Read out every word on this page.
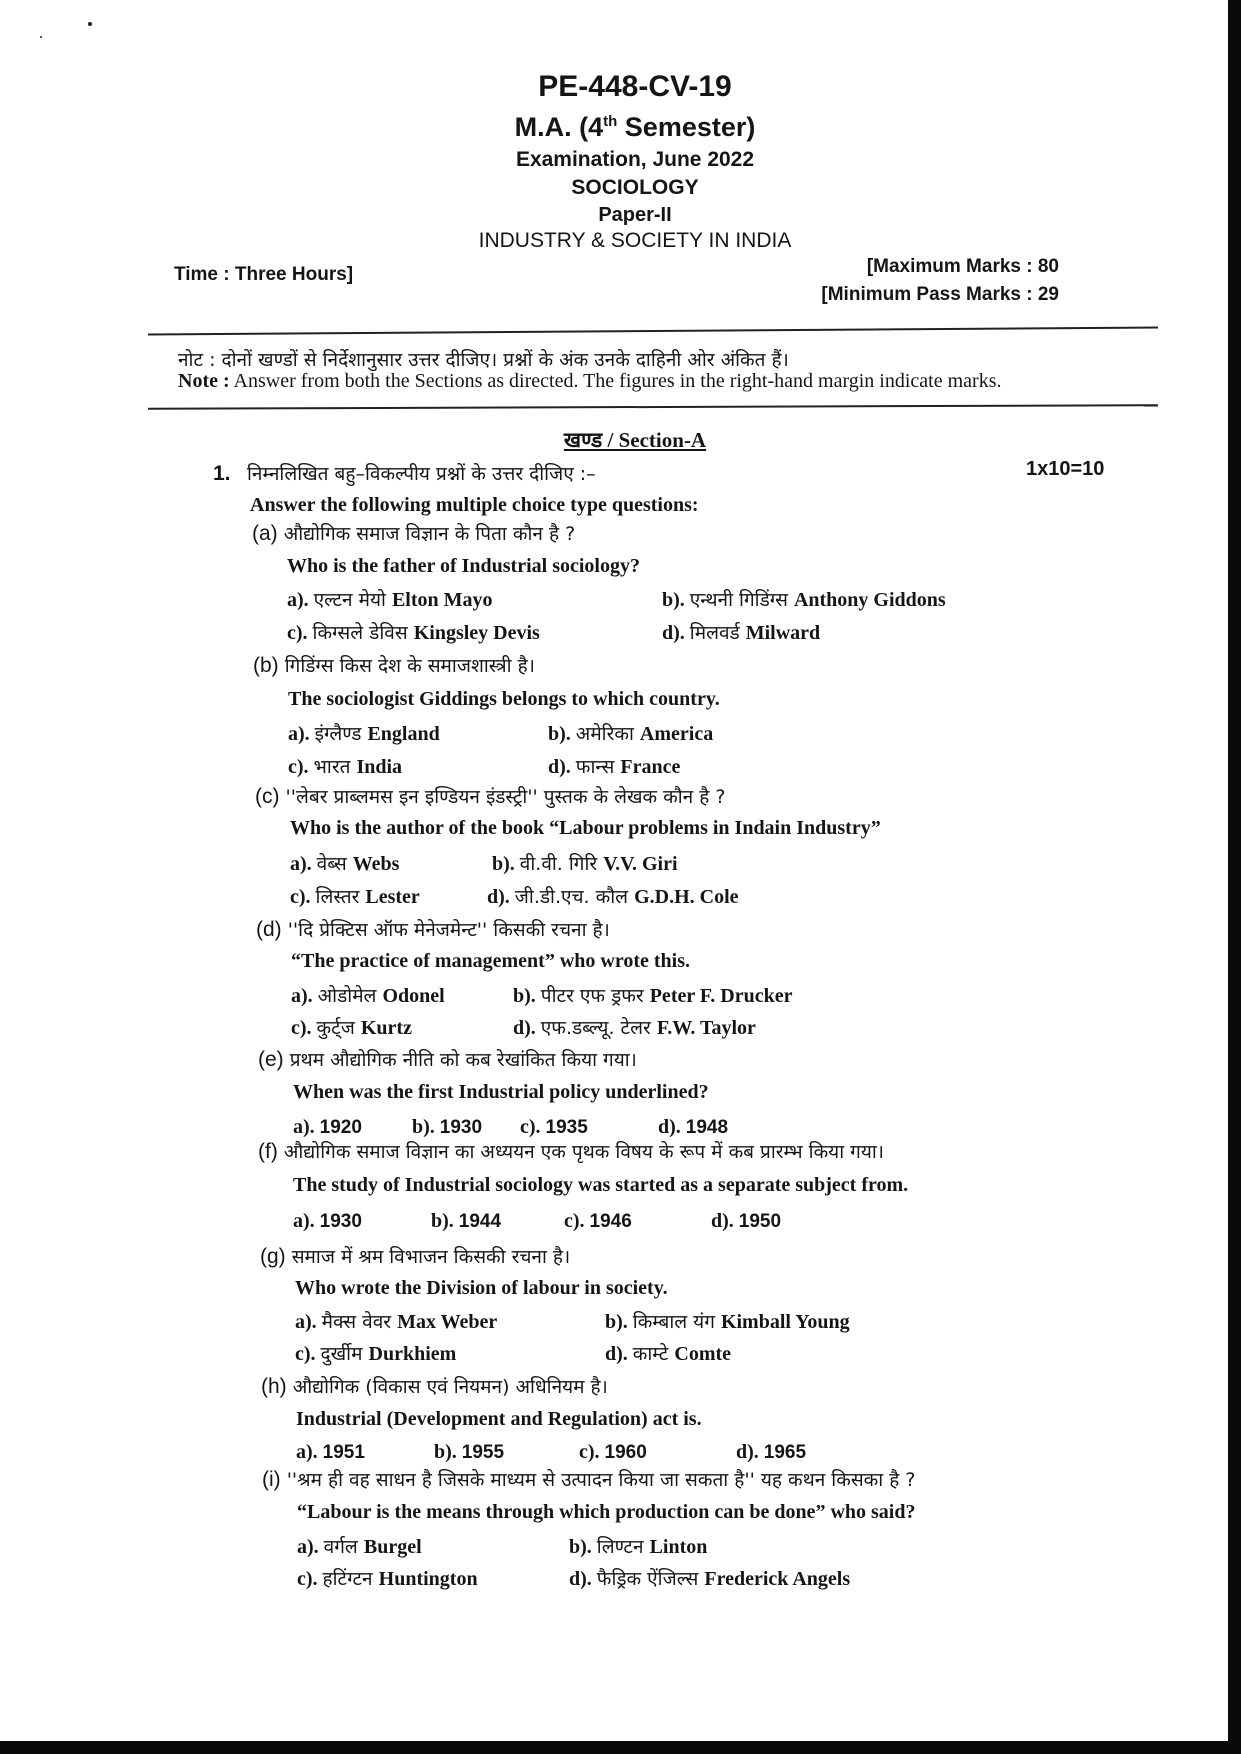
PE-448-CV-19
M.A. (4th Semester)
Examination, June 2022
SOCIOLOGY
Paper-II
INDUSTRY & SOCIETY IN INDIA
Time : Three Hours]	[Maximum Marks : 80
[Minimum Pass Marks : 29
नोट : दोनों खण्डों से निर्देशानुसार उत्तर दीजिए। प्रश्नों के अंक उनके दाहिनी ओर अंकित हैं।
Note : Answer from both the Sections as directed. The figures in the right-hand margin indicate marks.
खण्ड / Section-A
1. निम्नलिखित बहु–विकल्पीय प्रश्नों के उत्तर दीजिए :–	1x10=10
Answer the following multiple choice type questions:
(a) औद्योगिक समाज विज्ञान के पिता कौन है ?
Who is the father of Industrial sociology?
a). एल्टन मेयो Elton Mayo	b). एन्थनी गिडिंग्स Anthony Giddons
c). किग्सले डेविस Kingsley Devis	d). मिलवर्ड Milward
(b) गिडिंग्स किस देश के समाजशास्त्री है।
The sociologist Giddings belongs to which country.
a). इंग्लैण्ड England	b). अमेरिका America
c). भारत India	d). फान्स France
(c) ''लेबर प्राब्लमस इन इण्डियन इंडस्ट्री'' पुस्तक के लेखक कौन है ?
Who is the author of the book “Labour problems in Indain Industry”
a). वेब्स Webs	b). वी.वी. गिरि V.V. Giri
c). लिस्तर Lester	d). जी.डी.एच. कौल G.D.H. Cole
(d) ''दि प्रेक्टिस ऑफ मेनेजमेन्ट'' किसकी रचना है।
“The practice of management” who wrote this.
a). ओडोमेल Odonel	b). पीटर एफ ड्रफर Peter F. Drucker
c). कुर्ट्ज Kurtz	d). एफ.डब्ल्यू. टेलर F.W. Taylor
(e) प्रथम औद्योगिक नीति को कब रेखांकित किया गया।
When was the first Industrial policy underlined?
a). 1920	b). 1930 c). 1935	d). 1948
(f) औद्योगिक समाज विज्ञान का अध्ययन एक पृथक विषय के रूप में कब प्रारम्भ किया गया।
The study of Industrial sociology was started as a separate subject from.
a). 1930	b). 1944	c). 1946	d). 1950
(g) समाज में श्रम विभाजन किसकी रचना है।
Who wrote the Division of labour in society.
a). मैक्स वेवर Max Weber	b). किम्बाल यंग Kimball Young
c). दुर्खीम Durkhiem	d). काम्टे Comte
(h) औद्योगिक (विकास एवं नियमन) अधिनियम है।
Industrial (Development and Regulation) act is.
a). 1951	b). 1955	c). 1960	d). 1965
(i) ''श्रम ही वह साधन है जिसके माध्यम से उत्पादन किया जा सकता है'' यह कथन किसका है ?
“Labour is the means through which production can be done” who said?
a). वर्गल Burgel	b). लिण्टन Linton
c). हटिंग्टन Huntington	d). फैड्रिक ऐंजिल्स Frederick Angels
